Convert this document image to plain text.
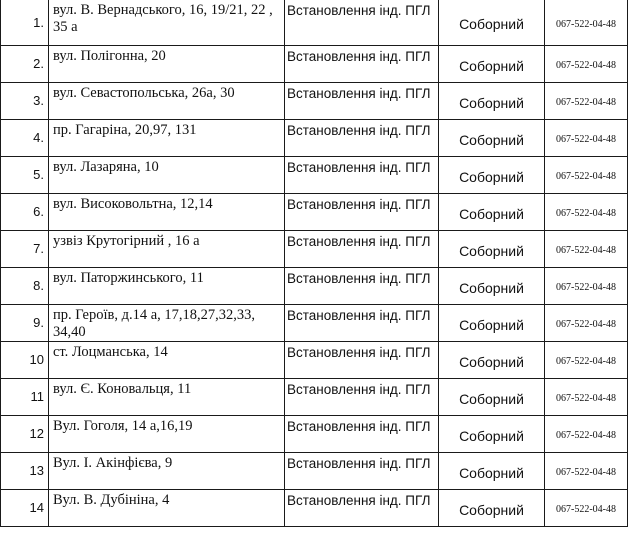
1.	вул. В. Вернадського, 16, 19/21, 22 , 35 а	Встановлення інд. ПГЛ	Соборний	067-522-04-48
2.	вул. Полігонна, 20	Встановлення інд. ПГЛ	Соборний	067-522-04-48
3.	вул. Севастопольська, 26а, 30	Встановлення інд. ПГЛ	Соборний	067-522-04-48
4.	пр. Гагаріна, 20,97, 131	Встановлення інд. ПГЛ	Соборний	067-522-04-48
5.	вул. Лазаряна, 10	Встановлення інд. ПГЛ	Соборний	067-522-04-48
6.	вул. Високовольтна, 12,14	Встановлення інд. ПГЛ	Соборний	067-522-04-48
7.	узвіз Крутогірний , 16 а	Встановлення інд. ПГЛ	Соборний	067-522-04-48
8.	вул. Паторжинського, 11	Встановлення інд. ПГЛ	Соборний	067-522-04-48
9.	пр. Героїв, д.14 а, 17,18,27,32,33, 34,40	Встановлення інд. ПГЛ	Соборний	067-522-04-48
10	ст. Лоцманська, 14	Встановлення інд. ПГЛ	Соборний	067-522-04-48
11	вул. Є. Коновальця, 11	Встановлення інд. ПГЛ	Соборний	067-522-04-48
12	Вул. Гоголя, 14 а,16,19	Встановлення інд. ПГЛ	Соборний	067-522-04-48
13	Вул. І. Акінфієва, 9	Встановлення інд. ПГЛ	Соборний	067-522-04-48
14	Вул. В. Дубініна, 4	Встановлення інд. ПГЛ	Соборний	067-522-04-48
